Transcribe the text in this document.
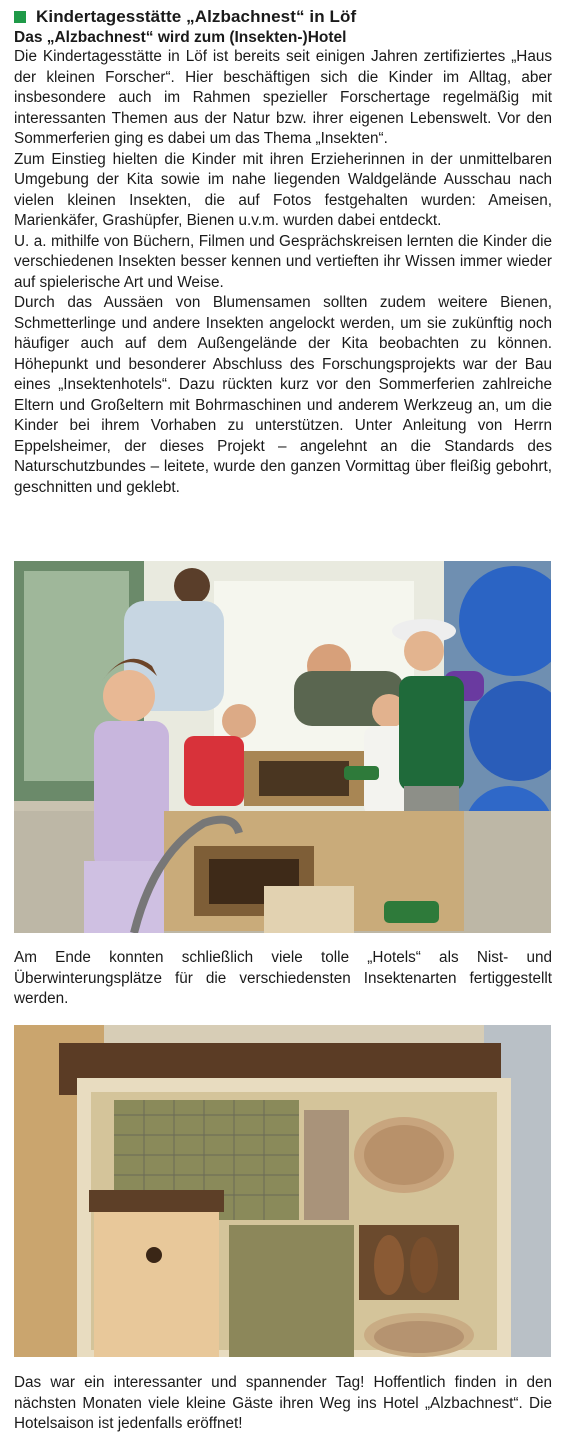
Kindertagesstätte „Alzbachnest“ in Löf
Das „Alzbachnest“ wird zum (Insekten-)Hotel

Die Kindertagesstätte in Löf ist bereits seit einigen Jahren zertifiziertes „Haus der kleinen Forscher“. Hier beschäftigen sich die Kinder im Alltag, aber insbesondere auch im Rahmen spezieller Forschertage regelmäßig mit interessanten Themen aus der Natur bzw. ihrer eigenen Lebenswelt. Vor den Sommerferien ging es dabei um das Thema „Insekten“.

Zum Einstieg hielten die Kinder mit ihren Erzieherinnen in der unmittelbaren Umgebung der Kita sowie im nahe liegenden Waldgelände Ausschau nach vielen kleinen Insekten, die auf Fotos festgehalten wurden: Ameisen, Marienkäfer, Grashüpfer, Bienen u.v.m. wurden dabei entdeckt.

U. a. mithilfe von Büchern, Filmen und Gesprächskreisen lernten die Kinder die verschiedenen Insekten besser kennen und vertieften ihr Wissen immer wieder auf spielerische Art und Weise.

Durch das Aussäen von Blumensamen sollten zudem weitere Bienen, Schmetterlinge und andere Insekten angelockt werden, um sie zukünftig noch häufiger auch auf dem Außengelände der Kita beobachten zu können. Höhepunkt und besonderer Abschluss des Forschungsprojekts war der Bau eines „Insektenhotels“. Dazu rückten kurz vor den Sommerferien zahlreiche Eltern und Großeltern mit Bohrmaschinen und anderem Werkzeug an, um die Kinder bei ihrem Vorhaben zu unterstützen. Unter Anleitung von Herrn Eppelsheimer, der dieses Projekt – angelehnt an die Standards des Naturschutzbundes – leitete, wurde den ganzen Vormittag über fleißig gebohrt, geschnitten und geklebt.

Am Ende konnten schließlich viele tolle „Hotels“ als Nist- und Überwinterungsplätze für die verschiedensten Insektenarten fertiggestellt werden.
Das war ein interessanter und spannender Tag! Hoffentlich finden in den nächsten Monaten viele kleine Gäste ihren Weg ins Hotel „Alzbachnest“. Die Hotelsaison ist jedenfalls eröffnet!
